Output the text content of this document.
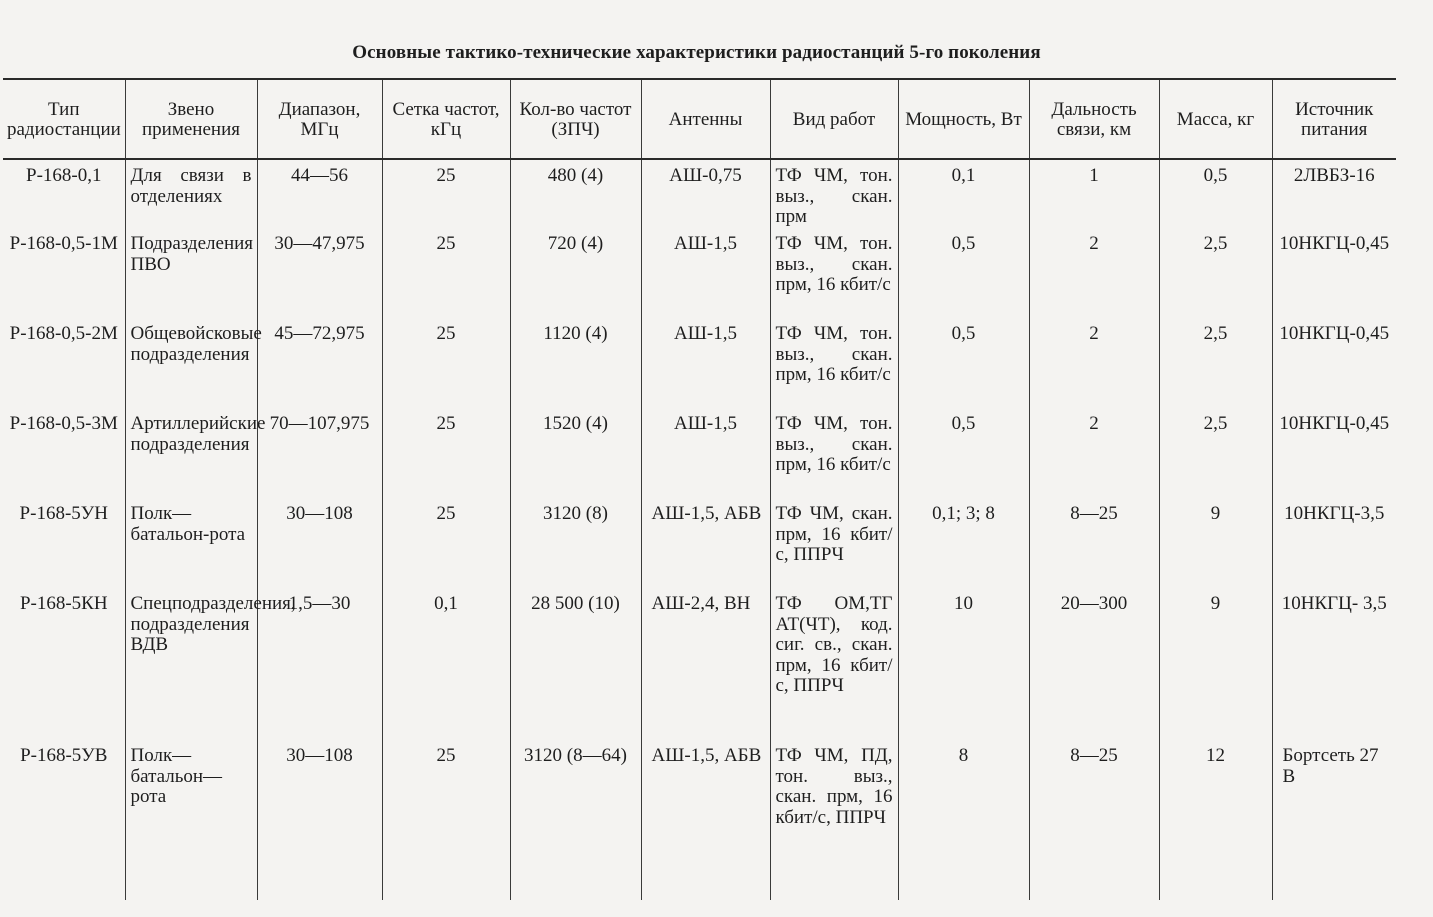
Основные тактико-технические характеристики радиостанций 5-го поколения
Тип радиостанции	Звено применения	Диапазон, МГц	Сетка частот, кГц	Кол-во частот (ЗПЧ)	Антенны	Вид работ	Мощность, Вт	Дальность связи, км	Масса, кг	Источник питания
Р-168-0,1	Для связи в отделениях	44—56	25	480 (4)	АШ-0,75	ТФ ЧМ, тон. выз., скан. прм	0,1	1	0,5	2ЛВБЗ-16
Р-168-0,5-1М	Подразделения ПВО	30—47,975	25	720 (4)	АШ-1,5	ТФ ЧМ, тон. выз., скан. прм, 16 кбит/с	0,5	2	2,5	10НКГЦ-0,45
Р-168-0,5-2М	Общевойсковые подразделения	45—72,975	25	1120 (4)	АШ-1,5	ТФ ЧМ, тон. выз., скан. прм, 16 кбит/с	0,5	2	2,5	10НКГЦ-0,45
Р-168-0,5-3М	Артиллерийские подразделения	70—107,975	25	1520 (4)	АШ-1,5	ТФ ЧМ, тон. выз., скан. прм, 16 кбит/с	0,5	2	2,5	10НКГЦ-0,45
Р-168-5УН	Полк—батальон-рота	30—108	25	3120 (8)	АШ-1,5, АБВ	ТФ ЧМ, скан. прм, 16 кбит/с, ППРЧ	0,1; 3; 8	8—25	9	10НКГЦ-3,5
Р-168-5КН	Спецподразделения, подразделения ВДВ	1,5—30	0,1	28 500 (10)	АШ-2,4, ВН	ТФ ОМ,ТГ АТ(ЧТ), код. сиг. св., скан. прм, 16 кбит/с, ППРЧ	10	20—300	9	10НКГЦ- 3,5
Р-168-5УВ	Полк—батальон—рота	30—108	25	3120 (8—64)	АШ-1,5, АБВ	ТФ ЧМ, ПД, тон. выз., скан. прм, 16 кбит/с, ППРЧ	8	8—25	12	Бортсеть 27 В
